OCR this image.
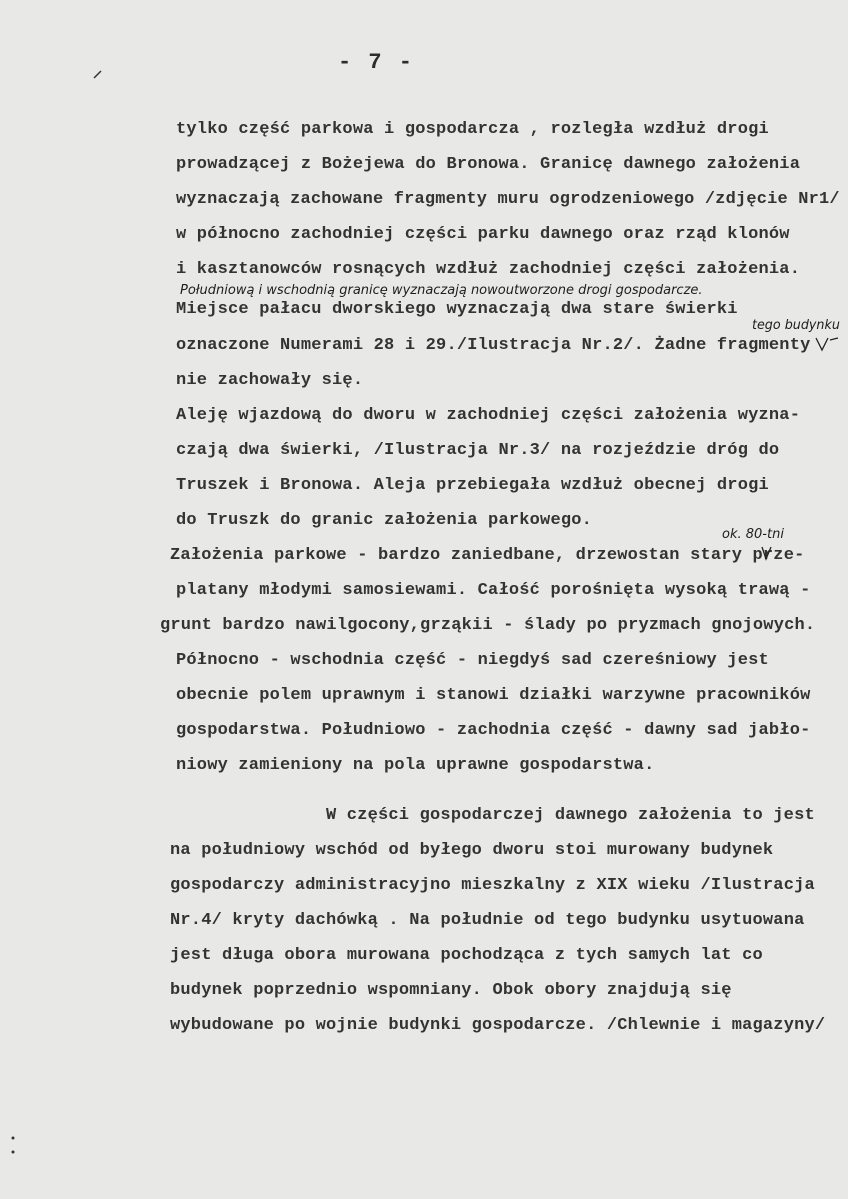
- 7 -
tylko część parkowa i gospodarcza , rozległa wzdłuż drogi
prowadzącej z Bożejewa do Bronowa. Granicę dawnego założenia
wyznaczają zachowane fragmenty muru ogrodzeniowego /zdjęcie Nr1/
w północno zachodniej części parku dawnego oraz rząd klonów
i kasztanowców rosnących wzdłuż zachodniej części założenia.
Południową i wschodnią granicę wyznaczają nowoutworzone drogi gospodarcze.
Miejsce pałacu dworskiego wyznaczają dwa stare świerki
tego budynku
oznaczone Numerami 28 i 29./Ilustracja Nr.2/. Żadne fragmenty
nie zachowały się.
Aleję wjazdową do dworu w zachodniej części założenia wyzna-
czają dwa świerki, /Ilustracja Nr.3/ na rozjeździe dróg do
Truszek i Bronowa. Aleja przebiegała wzdłuż obecnej drogi
do Truszk do granic założenia parkowego.
ok. 80-tni
Założenia parkowe - bardzo zaniedbane, drzewostan stary prze-
platany młodymi samosiewami. Całość porośnięta wysoką trawą -
grunt bardzo nawilgocony,grząkii - ślady po pryzmach gnojowych.
Północno - wschodnia część - niegdyś sad czereśniowy jest
obecnie polem uprawnym i stanowi działki warzywne pracowników
gospodarstwa. Południowo - zachodnia część - dawny sad jabło-
niowy zamieniony na pola uprawne gospodarstwa.
W części gospodarczej dawnego założenia to jest
na południowy wschód od byłego dworu stoi murowany budynek
gospodarczy administracyjno mieszkalny z XIX wieku /Ilustracja
Nr.4/ kryty dachówką . Na południe od tego budynku usytuowana
jest długa obora murowana pochodząca z tych samych lat co
budynek poprzednio wspomniany. Obok obory znajdują się
wybudowane po wojnie budynki gospodarcze. /Chlewnie i magazyny/
